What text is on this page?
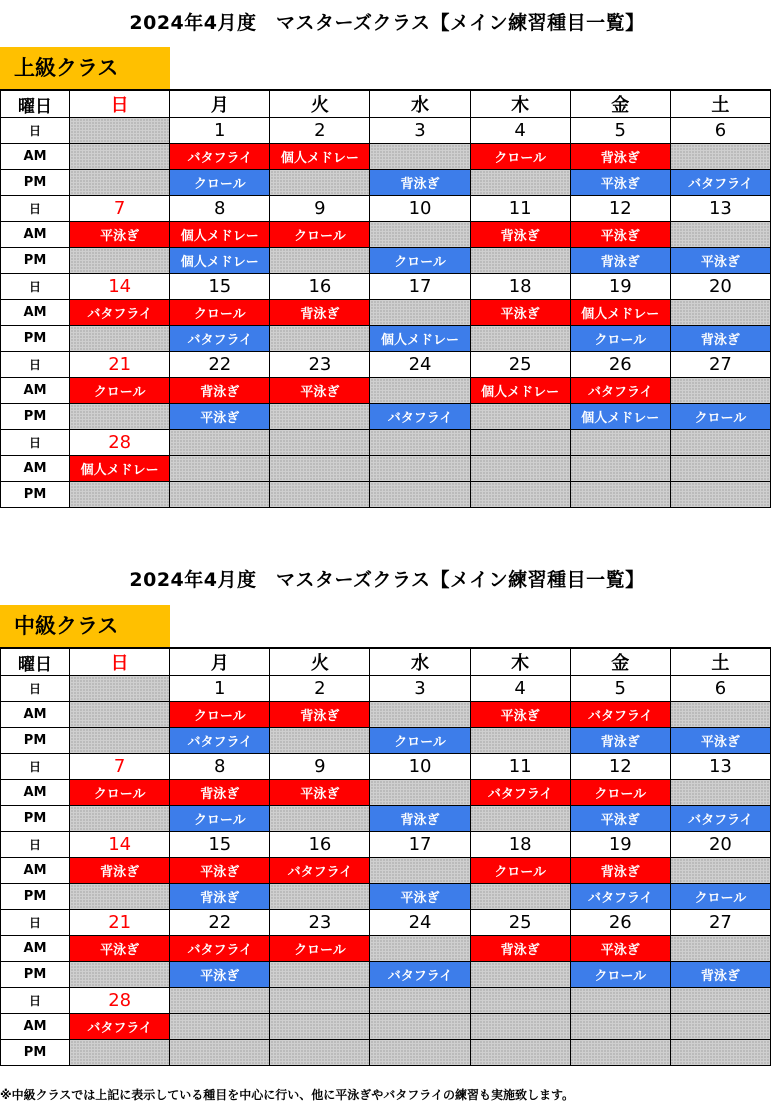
2024年4月度　マスターズクラス【メイン練習種目一覧】
上級クラス
曜日	日	月	火	水	木	金	土
日		1	2	3	4	5	6
AM		バタフライ	個人メドレー		クロール	背泳ぎ	
PM		クロール		背泳ぎ		平泳ぎ	バタフライ
日	7	8	9	10	11	12	13
AM	平泳ぎ	個人メドレー	クロール		背泳ぎ	平泳ぎ	
PM		個人メドレー		クロール		背泳ぎ	平泳ぎ
日	14	15	16	17	18	19	20
AM	バタフライ	クロール	背泳ぎ		平泳ぎ	個人メドレー	
PM		バタフライ		個人メドレー		クロール	背泳ぎ
日	21	22	23	24	25	26	27
AM	クロール	背泳ぎ	平泳ぎ		個人メドレー	バタフライ	
PM		平泳ぎ		バタフライ		個人メドレー	クロール
日	28						
AM	個人メドレー						
PM							
2024年4月度　マスターズクラス【メイン練習種目一覧】
中級クラス
曜日	日	月	火	水	木	金	土
日		1	2	3	4	5	6
AM		クロール	背泳ぎ		平泳ぎ	バタフライ	
PM		バタフライ		クロール		背泳ぎ	平泳ぎ
日	7	8	9	10	11	12	13
AM	クロール	背泳ぎ	平泳ぎ		バタフライ	クロール	
PM		クロール		背泳ぎ		平泳ぎ	バタフライ
日	14	15	16	17	18	19	20
AM	背泳ぎ	平泳ぎ	バタフライ		クロール	背泳ぎ	
PM		背泳ぎ		平泳ぎ		バタフライ	クロール
日	21	22	23	24	25	26	27
AM	平泳ぎ	バタフライ	クロール		背泳ぎ	平泳ぎ	
PM		平泳ぎ		バタフライ		クロール	背泳ぎ
日	28						
AM	バタフライ						
PM							
※中級クラスでは上記に表示している種目を中心に行い、他に平泳ぎやバタフライの練習も実施致します。
